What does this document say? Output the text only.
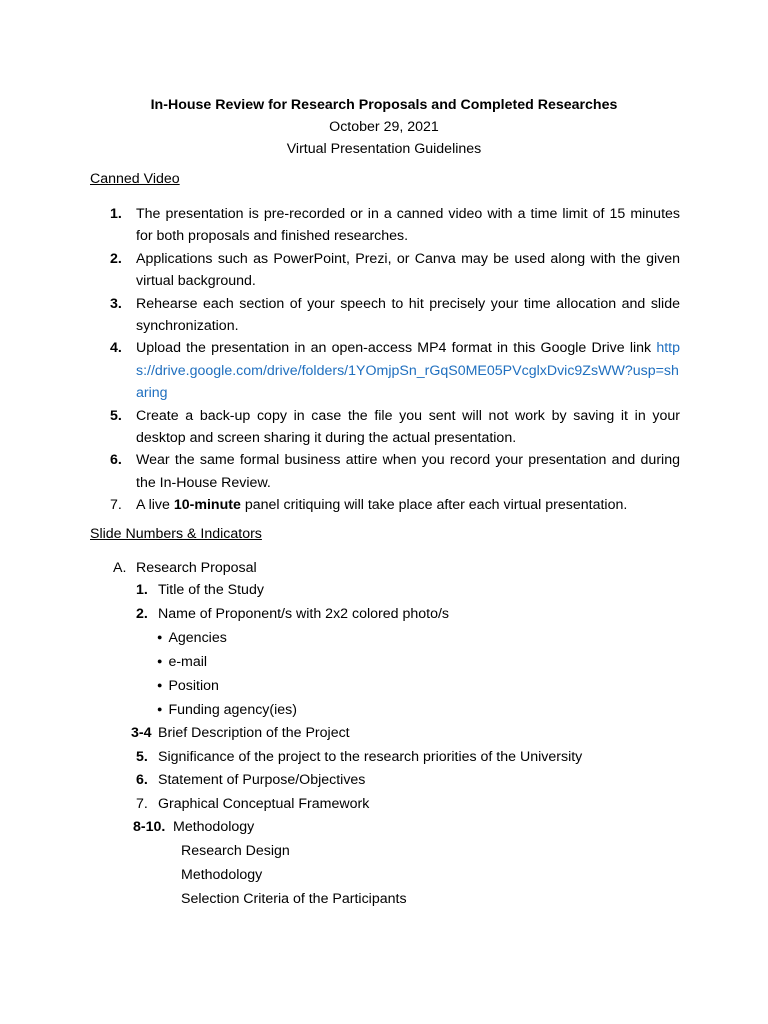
In-House Review for Research Proposals and Completed Researches
October 29, 2021
Virtual Presentation Guidelines
Canned Video
1. The presentation is pre-recorded or in a canned video with a time limit of 15 minutes for both proposals and finished researches.
2. Applications such as PowerPoint, Prezi, or Canva may be used along with the given virtual background.
3. Rehearse each section of your speech to hit precisely your time allocation and slide synchronization.
4. Upload the presentation in an open-access MP4 format in this Google Drive link https://drive.google.com/drive/folders/1YOmjpSn_rGqS0ME05PVcglxDvic9ZsWW?usp=sharing
5. Create a back-up copy in case the file you sent will not work by saving it in your desktop and screen sharing it during the actual presentation.
6. Wear the same formal business attire when you record your presentation and during the In-House Review.
7. A live 10-minute panel critiquing will take place after each virtual presentation.
Slide Numbers & Indicators
A. Research Proposal
1. Title of the Study
2. Name of Proponent/s with 2x2 colored photo/s
● Agencies
● e-mail
● Position
● Funding agency(ies)
3-4 Brief Description of the Project
5. Significance of the project to the research priorities of the University
6. Statement of Purpose/Objectives
7. Graphical Conceptual Framework
8-10. Methodology
Research Design
Methodology
Selection Criteria of the Participants
